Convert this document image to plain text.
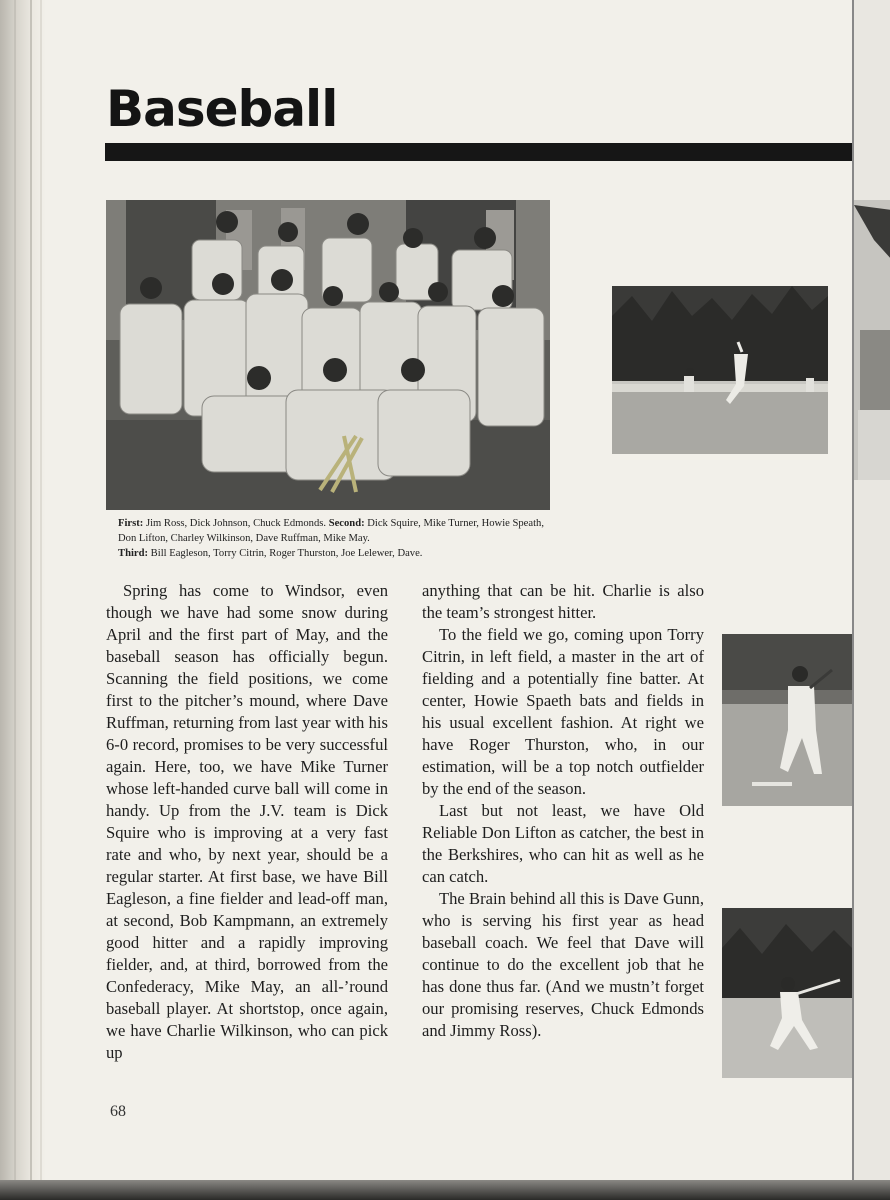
Baseball

First: Jim Ross, Dick Johnson, Chuck Edmonds. Second: Dick Squire, Mike Turner, Howie Speath, Don Lifton, Charley Wilkinson, Dave Ruffman, Mike May.
Third: Bill Eagleson, Torry Citrin, Roger Thurston, Joe Lelewer, Dave.

Spring has come to Windsor, even though we have had some snow during April and the first part of May, and the baseball season has officially begun. Scanning the field positions, we come first to the pitcher’s mound, where Dave Ruffman, returning from last year with his 6-0 record, promises to be very successful again. Here, too, we have Mike Turner whose left-handed curve ball will come in handy. Up from the J.V. team is Dick Squire who is improving at a very fast rate and who, by next year, should be a regular starter. At first base, we have Bill Eagleson, a fine fielder and lead-off man, at second, Bob Kampmann, an extremely good hitter and a rapidly improving fielder, and, at third, borrowed from the Confederacy, Mike May, an all-’round baseball player. At shortstop, once again, we have Charlie Wilkinson, who can pick up

anything that can be hit. Charlie is also the team’s strongest hitter.

To the field we go, coming upon Torry Citrin, in left field, a master in the art of fielding and a potentially fine batter. At center, Howie Spaeth bats and fields in his usual excellent fashion. At right we have Roger Thurston, who, in our estimation, will be a top notch outfielder by the end of the season.

Last but not least, we have Old Reliable Don Lifton as catcher, the best in the Berkshires, who can hit as well as he can catch.

The Brain behind all this is Dave Gunn, who is serving his first year as head baseball coach. We feel that Dave will continue to do the excellent job that he has done thus far. (And we mustn’t forget our promising reserves, Chuck Edmonds and Jimmy Ross).

68
